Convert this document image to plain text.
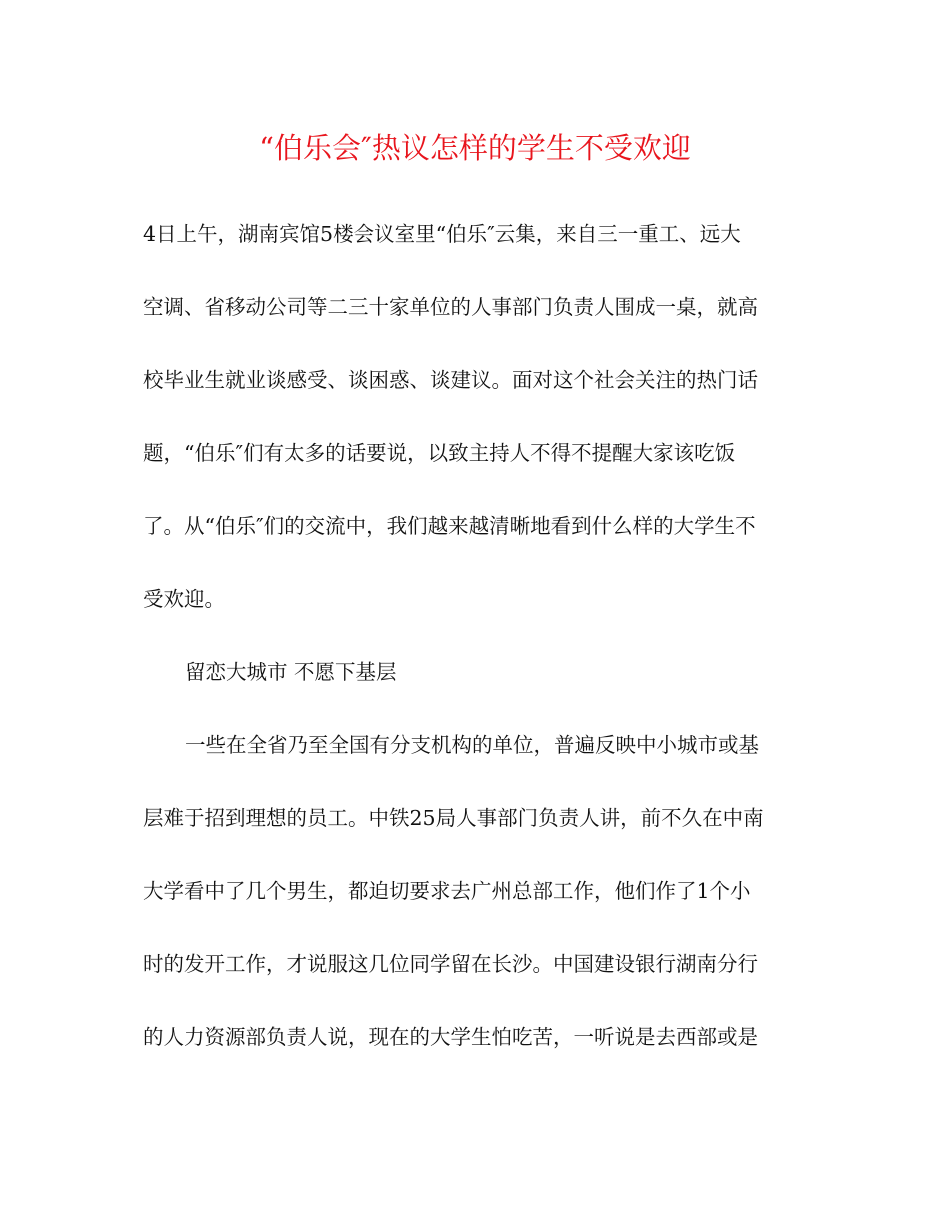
“伯乐会″热议怎样的学生不受欢迎
4日上午，湖南宾馆5楼会议室里“伯乐″云集，来自三一重工、远大
空调、省移动公司等二三十家单位的人事部门负责人围成一桌，就高
校毕业生就业谈感受、谈困惑、谈建议。面对这个社会关注的热门话
题，“伯乐″们有太多的话要说，以致主持人不得不提醒大家该吃饭
了。从“伯乐″们的交流中，我们越来越清晰地看到什么样的大学生不
受欢迎。
留恋大城市 不愿下基层
一些在全省乃至全国有分支机构的单位，普遍反映中小城市或基
层难于招到理想的员工。中铁25局人事部门负责人讲，前不久在中南
大学看中了几个男生，都迫切要求去广州总部工作，他们作了1个小
时的发开工作，才说服这几位同学留在长沙。中国建设银行湖南分行
的人力资源部负责人说，现在的大学生怕吃苦，一听说是去西部或是
